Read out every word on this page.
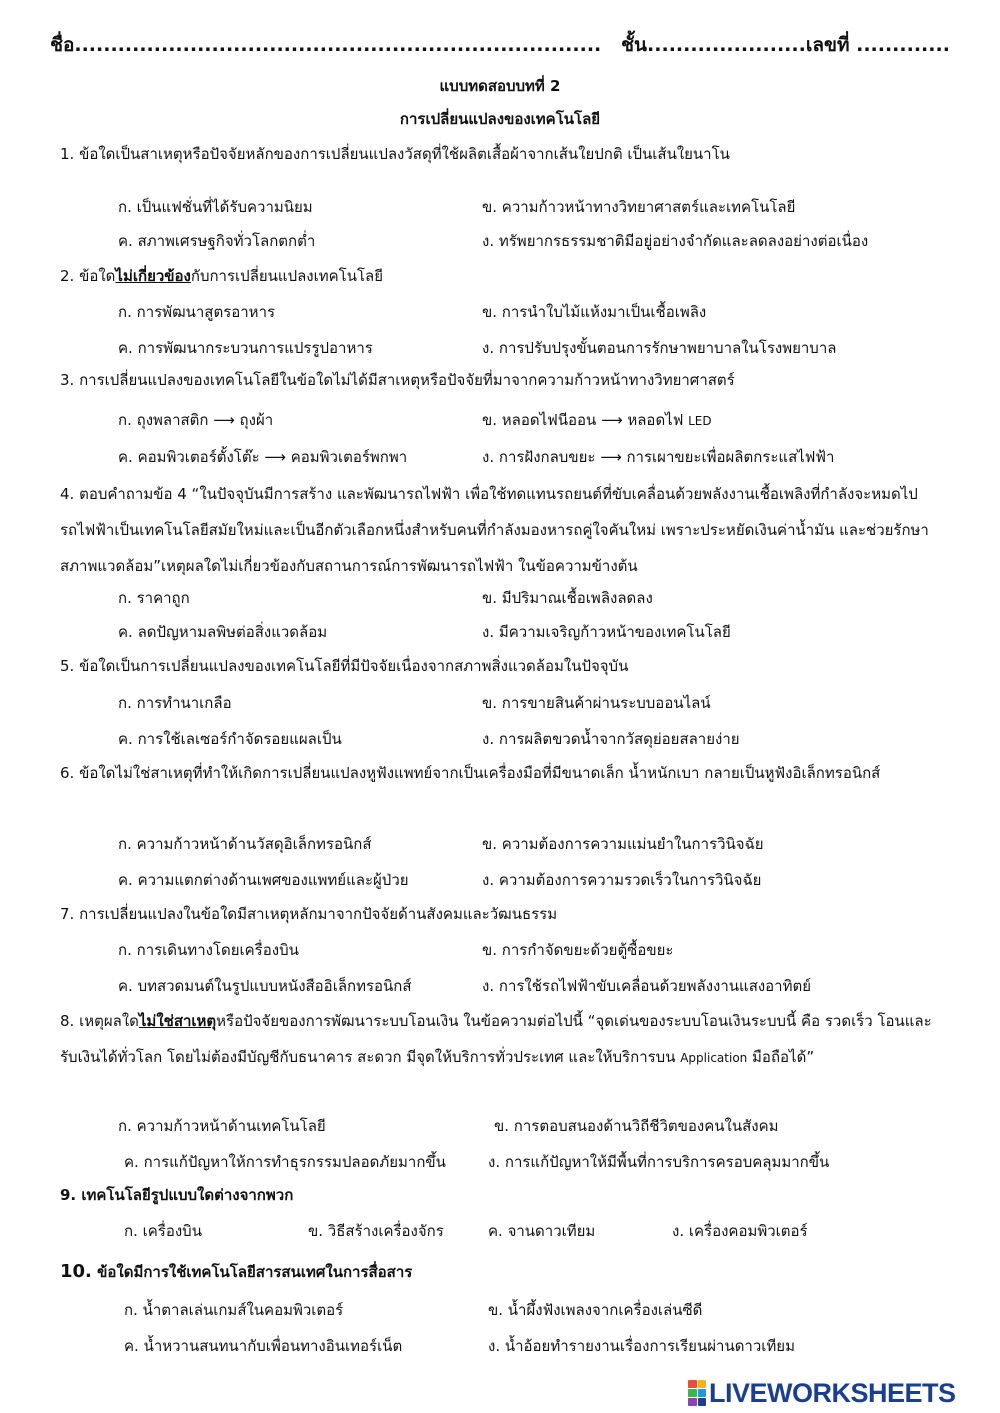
ชื่อ......................................................................... ชั้น......................เลขที่ .............
แบบทดสอบบทที่ 2
การเปลี่ยนแปลงของเทคโนโลยี
1. ข้อใดเป็นสาเหตุหรือปัจจัยหลักของการเปลี่ยนแปลงวัสดุที่ใช้ผลิตเสื้อผ้าจากเส้นใยปกติ เป็นเส้นใยนาโน
ก. เป็นแฟชั่นที่ได้รับความนิยม	ข. ความก้าวหน้าทางวิทยาศาสตร์และเทคโนโลยี
ค. สภาพเศรษฐกิจทั่วโลกตกต่ำ	ง. ทรัพยากรธรรมชาติมีอยู่อย่างจำกัดและลดลงอย่างต่อเนื่อง
2. ข้อใดไม่เกี่ยวข้องกับการเปลี่ยนแปลงเทคโนโลยี
ก. การพัฒนาสูตรอาหาร	ข. การนำใบไม้แห้งมาเป็นเชื้อเพลิง
ค. การพัฒนากระบวนการแปรรูปอาหาร	ง. การปรับปรุงขั้นตอนการรักษาพยาบาลในโรงพยาบาล
3. การเปลี่ยนแปลงของเทคโนโลยีในข้อใดไม่ได้มีสาเหตุหรือปัจจัยที่มาจากความก้าวหน้าทางวิทยาศาสตร์
ก. ถุงพลาสติก ⟶ ถุงผ้า	ข. หลอดไฟนีออน ⟶ หลอดไฟ LED
ค. คอมพิวเตอร์ตั้งโต๊ะ ⟶ คอมพิวเตอร์พกพา	ง. การฝังกลบขยะ ⟶ การเผาขยะเพื่อผลิตกระแสไฟฟ้า
4. ตอบคำถามข้อ 4 “ในปัจจุบันมีการสร้าง และพัฒนารถไฟฟ้า เพื่อใช้ทดแทนรถยนต์ที่ขับเคลื่อนด้วยพลังงานเชื้อเพลิงที่กำลังจะหมดไป รถไฟฟ้าเป็นเทคโนโลยีสมัยใหม่และเป็นอีกตัวเลือกหนึ่งสำหรับคนที่กำลังมองหารถคู่ใจคันใหม่ เพราะประหยัดเงินค่าน้ำมัน และช่วยรักษาสภาพแวดล้อม”เหตุผลใดไม่เกี่ยวข้องกับสถานการณ์การพัฒนารถไฟฟ้า ในข้อความข้างต้น
ก. ราคาถูก	ข. มีปริมาณเชื้อเพลิงลดลง
ค. ลดปัญหามลพิษต่อสิ่งแวดล้อม	ง. มีความเจริญก้าวหน้าของเทคโนโลยี
5. ข้อใดเป็นการเปลี่ยนแปลงของเทคโนโลยีที่มีปัจจัยเนื่องจากสภาพสิ่งแวดล้อมในปัจจุบัน
ก. การทำนาเกลือ	ข. การขายสินค้าผ่านระบบออนไลน์
ค. การใช้เลเซอร์กำจัดรอยแผลเป็น	ง. การผลิตขวดน้ำจากวัสดุย่อยสลายง่าย
6. ข้อใดไม่ใช่สาเหตุที่ทำให้เกิดการเปลี่ยนแปลงหูฟังแพทย์จากเป็นเครื่องมือที่มีขนาดเล็ก น้ำหนักเบา กลายเป็นหูฟังอิเล็กทรอนิกส์
ก. ความก้าวหน้าด้านวัสดุอิเล็กทรอนิกส์	ข. ความต้องการความแม่นยำในการวินิจฉัย
ค. ความแตกต่างด้านเพศของแพทย์และผู้ป่วย	ง. ความต้องการความรวดเร็วในการวินิจฉัย
7. การเปลี่ยนแปลงในข้อใดมีสาเหตุหลักมาจากปัจจัยด้านสังคมและวัฒนธรรม
ก. การเดินทางโดยเครื่องบิน	ข. การกำจัดขยะด้วยตู้ซื้อขยะ
ค. บทสวดมนต์ในรูปแบบหนังสืออิเล็กทรอนิกส์	ง. การใช้รถไฟฟ้าขับเคลื่อนด้วยพลังงานแสงอาทิตย์
8. เหตุผลใดไม่ใช่สาเหตุหรือปัจจัยของการพัฒนาระบบโอนเงิน ในข้อความต่อไปนี้ “จุดเด่นของระบบโอนเงินระบบนี้ คือ รวดเร็ว โอนและรับเงินได้ทั่วโลก โดยไม่ต้องมีบัญชีกับธนาคาร สะดวก มีจุดให้บริการทั่วประเทศ และให้บริการบน Application มือถือได้”
ก. ความก้าวหน้าด้านเทคโนโลยี	ข. การตอบสนองด้านวิถีชีวิตของคนในสังคม
ค. การแก้ปัญหาให้การทำธุรกรรมปลอดภัยมากขึ้น	ง. การแก้ปัญหาให้มีพื้นที่การบริการครอบคลุมมากขึ้น
9. เทคโนโลยีรูปแบบใดต่างจากพวก
ก. เครื่องบิน	ข. วิธีสร้างเครื่องจักร	ค. จานดาวเทียม	ง. เครื่องคอมพิวเตอร์
10. ข้อใดมีการใช้เทคโนโลยีสารสนเทศในการสื่อสาร
ก. น้ำตาลเล่นเกมส์ในคอมพิวเตอร์	ข. น้ำผึ้งฟังเพลงจากเครื่องเล่นซีดี
ค. น้ำหวานสนทนากับเพื่อนทางอินเทอร์เน็ต	ง. น้ำอ้อยทำรายงานเรื่องการเรียนผ่านดาวเทียม
LIVEWORKSHEETS
